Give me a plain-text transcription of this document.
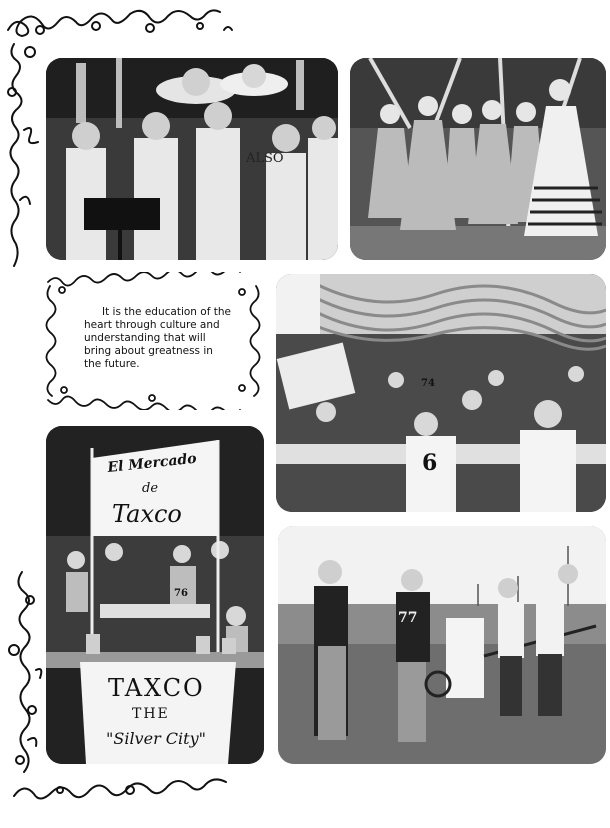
ALSO

It is the education of the heart through culture and understanding that will bring about greatness in the future.

6
74
76
El Mercado
de
Taxco
TAXCO
THE
"Silver City"
77
